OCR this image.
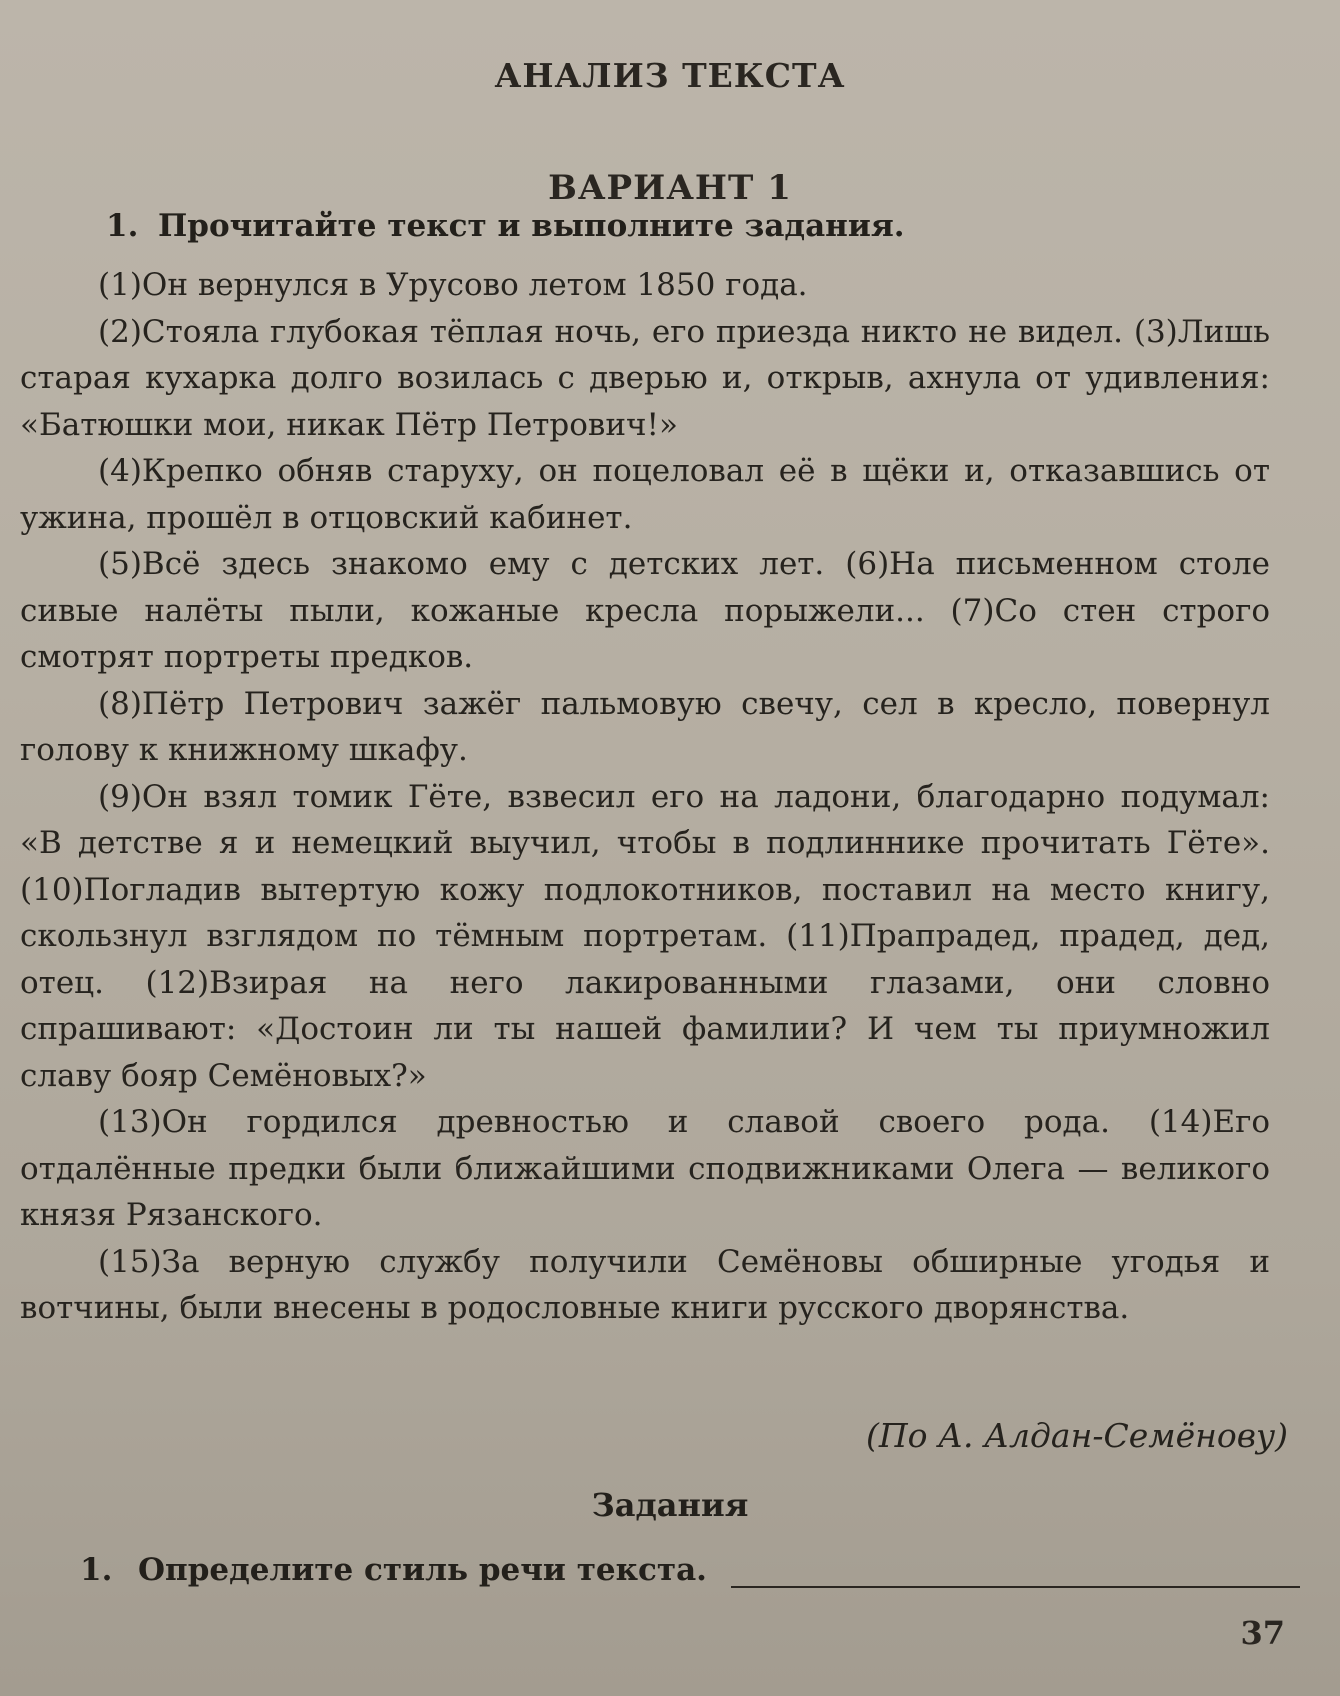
АНАЛИЗ ТЕКСТА
ВАРИАНТ 1
1. Прочитайте текст и выполните задания.

(1)Он вернулся в Урусово летом 1850 года.

(2)Стояла глубокая тёплая ночь, его приезда никто не видел. (3)Лишь старая кухарка долго возилась с дверью и, открыв, ахнула от удивления: «Батюшки мои, никак Пётр Петрович!»

(4)Крепко обняв старуху, он поцеловал её в щёки и, отказавшись от ужина, прошёл в отцовский кабинет.

(5)Всё здесь знакомо ему с детских лет. (6)На письменном столе сивые налёты пыли, кожаные кресла порыжели... (7)Со стен строго смотрят портреты предков.

(8)Пётр Петрович зажёг пальмовую свечу, сел в кресло, повернул голову к книжному шкафу.

(9)Он взял томик Гёте, взвесил его на ладони, благодарно подумал: «В детстве я и немецкий выучил, чтобы в подлиннике прочитать Гёте». (10)Погладив вытертую кожу подлокотников, поставил на место книгу, скользнул взглядом по тёмным портретам. (11)Прапрадед, прадед, дед, отец. (12)Взирая на него лакированными глазами, они словно спрашивают: «Достоин ли ты нашей фамилии? И чем ты приумножил славу бояр Семёновых?»

(13)Он гордился древностью и славой своего рода. (14)Его отдалённые предки были ближайшими сподвижниками Олега — великого князя Рязанского.

(15)За верную службу получили Семёновы обширные угодья и вотчины, были внесены в родословные книги русского дворянства.

(По А. Алдан-Семёнову)
Задания
1. Определите стиль речи текста.
37
